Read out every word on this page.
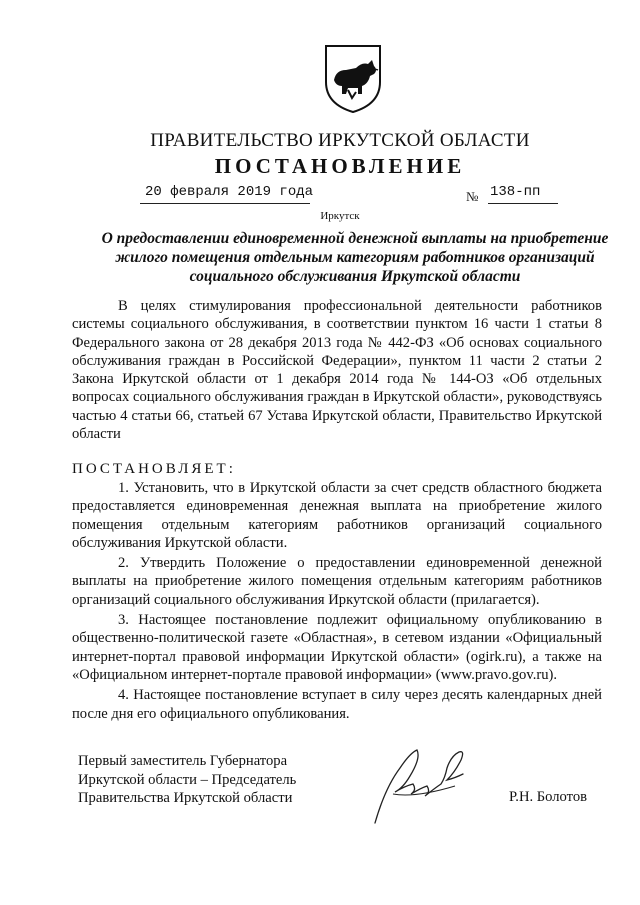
ПРАВИТЕЛЬСТВО ИРКУТСКОЙ ОБЛАСТИ
ПОСТАНОВЛЕНИЕ
20 февраля 2019 года	№ 138-пп
Иркутск
О предоставлении единовременной денежной выплаты на приобретение жилого помещения отдельным категориям работников организаций социального обслуживания Иркутской области

В целях стимулирования профессиональной деятельности работников системы социального обслуживания, в соответствии пунктом 16 части 1 статьи 8 Федерального закона от 28 декабря 2013 года № 442-ФЗ «Об основах социального обслуживания граждан в Российской Федерации», пунктом 11 части 2 статьи 2 Закона Иркутской области от 1 декабря 2014 года № 144-ОЗ «Об отдельных вопросах социального обслуживания граждан в Иркутской области», руководствуясь частью 4 статьи 66, статьей 67 Устава Иркутской области, Правительство Иркутской области

ПОСТАНОВЛЯЕТ:

1. Установить, что в Иркутской области за счет средств областного бюджета предоставляется единовременная денежная выплата на приобретение жилого помещения отдельным категориям работников организаций социального обслуживания Иркутской области.

2. Утвердить Положение о предоставлении единовременной денежной выплаты на приобретение жилого помещения отдельным категориям работников организаций социального обслуживания Иркутской области (прилагается).

3. Настоящее постановление подлежит официальному опубликованию в общественно-политической газете «Областная», в сетевом издании «Официальный интернет-портал правовой информации Иркутской области» (ogirk.ru), а также на «Официальном интернет-портале правовой информации» (www.pravo.gov.ru).

4. Настоящее постановление вступает в силу через десять календарных дней после дня его официального опубликования.

Первый заместитель Губернатора
Иркутской области – Председатель
Правительства Иркутской области	Р.Н. Болотов
